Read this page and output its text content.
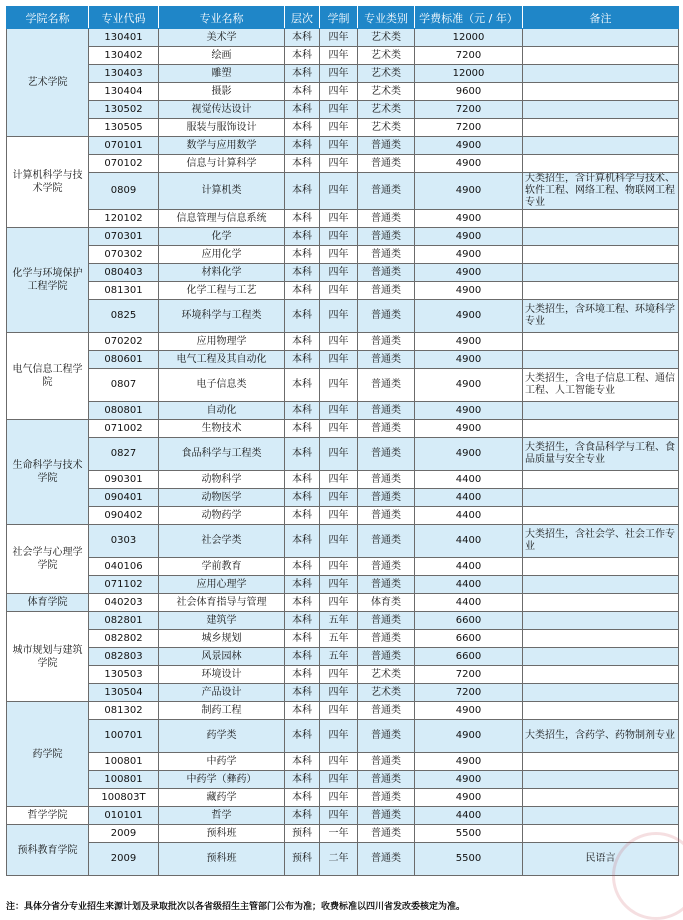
学院名称	专业代码	专业名称	层次	学制	专业类别	学费标准（元 / 年）	备注
艺术学院	130401	美术学	本科	四年	艺术类	12000	
	130402	绘画	本科	四年	艺术类	7200	
	130403	雕塑	本科	四年	艺术类	12000	
	130404	摄影	本科	四年	艺术类	9600	
	130502	视觉传达设计	本科	四年	艺术类	7200	
	130505	服装与服饰设计	本科	四年	艺术类	7200	
计算机科学与技术学院	070101	数学与应用数学	本科	四年	普通类	4900	
	070102	信息与计算科学	本科	四年	普通类	4900	
	0809	计算机类	本科	四年	普通类	4900	大类招生，含计算机科学与技术、软件工程、网络工程、物联网工程专业
	120102	信息管理与信息系统	本科	四年	普通类	4900	
化学与环境保护工程学院	070301	化学	本科	四年	普通类	4900	
	070302	应用化学	本科	四年	普通类	4900	
	080403	材料化学	本科	四年	普通类	4900	
	081301	化学工程与工艺	本科	四年	普通类	4900	
	0825	环境科学与工程类	本科	四年	普通类	4900	大类招生，含环境工程、环境科学专业
电气信息工程学院	070202	应用物理学	本科	四年	普通类	4900	
	080601	电气工程及其自动化	本科	四年	普通类	4900	
	0807	电子信息类	本科	四年	普通类	4900	大类招生，含电子信息工程、通信工程、人工智能专业
	080801	自动化	本科	四年	普通类	4900	
生命科学与技术学院	071002	生物技术	本科	四年	普通类	4900	
	0827	食品科学与工程类	本科	四年	普通类	4900	大类招生，含食品科学与工程、食品质量与安全专业
	090301	动物科学	本科	四年	普通类	4400	
	090401	动物医学	本科	四年	普通类	4400	
	090402	动物药学	本科	四年	普通类	4400	
社会学与心理学学院	0303	社会学类	本科	四年	普通类	4400	大类招生，含社会学、社会工作专业
	040106	学前教育	本科	四年	普通类	4400	
	071102	应用心理学	本科	四年	普通类	4400	
体育学院	040203	社会体育指导与管理	本科	四年	体育类	4400	
城市规划与建筑学院	082801	建筑学	本科	五年	普通类	6600	
	082802	城乡规划	本科	五年	普通类	6600	
	082803	风景园林	本科	五年	普通类	6600	
	130503	环境设计	本科	四年	艺术类	7200	
	130504	产品设计	本科	四年	艺术类	7200	
药学院	081302	制药工程	本科	四年	普通类	4900	
	100701	药学类	本科	四年	普通类	4900	大类招生，含药学、药物制剂专业
	100801	中药学	本科	四年	普通类	4900	
	100801	中药学（彝药）	本科	四年	普通类	4900	
	100803T	藏药学	本科	四年	普通类	4900	
哲学学院	010101	哲学	本科	四年	普通类	4400	
预科教育学院	2009	预科班	预科	一年	普通类	5500	
	2009	预科班	预科	二年	普通类	5500	民语言
注：具体分省分专业招生来源计划及录取批次以各省级招生主管部门公布为准；收费标准以四川省发改委核定为准。
